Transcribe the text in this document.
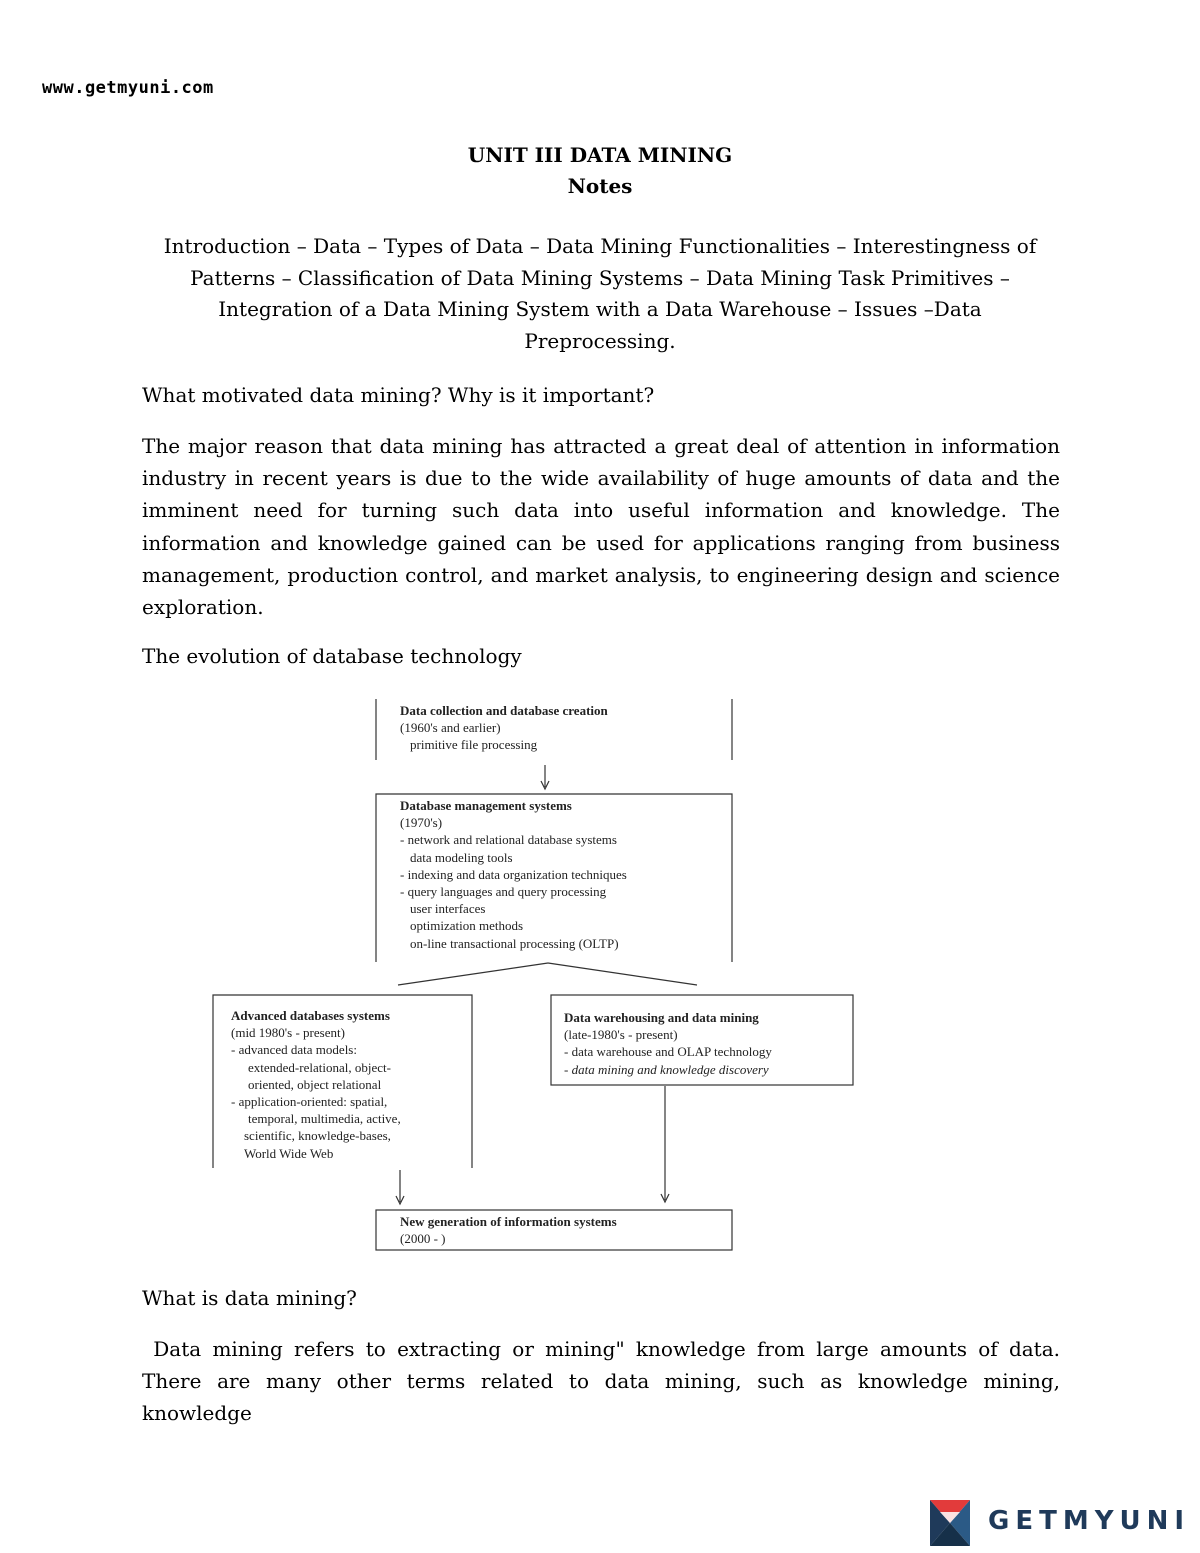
www.getmyuni.com
UNIT III DATA MINING
Notes
Introduction – Data – Types of Data – Data Mining Functionalities – Interestingness of Patterns – Classification of Data Mining Systems – Data Mining Task Primitives –Integration of a Data Mining System with a Data Warehouse – Issues –Data Preprocessing.
What motivated data mining? Why is it important?
The major reason that data mining has attracted a great deal of attention in information industry in recent years is due to the wide availability of huge amounts of data and the imminent need for turning such data into useful information and knowledge. The information and knowledge gained can be used for applications ranging from business management, production control, and market analysis, to engineering design and science exploration.
The evolution of database technology
Data collection and database creation
(1960's and earlier)
primitive file processing
Database management systems
(1970's)
- network and relational database systems
data modeling tools
- indexing and data organization techniques
- query languages and query processing
user interfaces
optimization methods
on-line transactional processing (OLTP)
Advanced databases systems
(mid 1980's - present)
- advanced data models:
extended-relational, object-
oriented, object relational
- application-oriented: spatial,
temporal, multimedia, active,
scientific, knowledge-bases,
World Wide Web
Data warehousing and data mining
(late-1980's - present)
- data warehouse and OLAP technology
- data mining and knowledge discovery
New generation of information systems
(2000 - )
What is data mining?
Data mining refers to extracting or mining" knowledge from large amounts of data. There are many other terms related to data mining, such as knowledge mining,   knowledge
GETMYUNI
